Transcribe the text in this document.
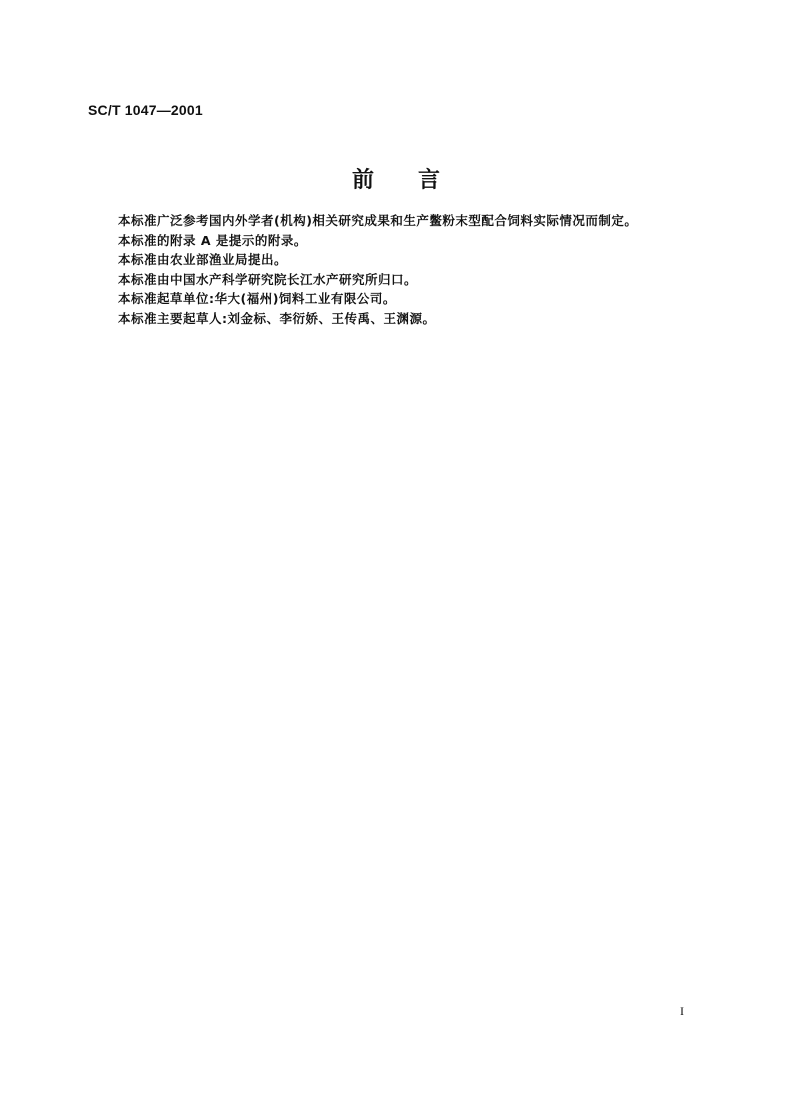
SC/T 1047—2001
前言
本标准广泛参考国内外学者(机构)相关研究成果和生产鳖粉末型配合饲料实际情况而制定。
本标准的附录 A 是提示的附录。
本标准由农业部渔业局提出。
本标准由中国水产科学研究院长江水产研究所归口。
本标准起草单位:华大(福州)饲料工业有限公司。
本标准主要起草人:刘金标、李衍娇、王传禹、王渊源。
I
